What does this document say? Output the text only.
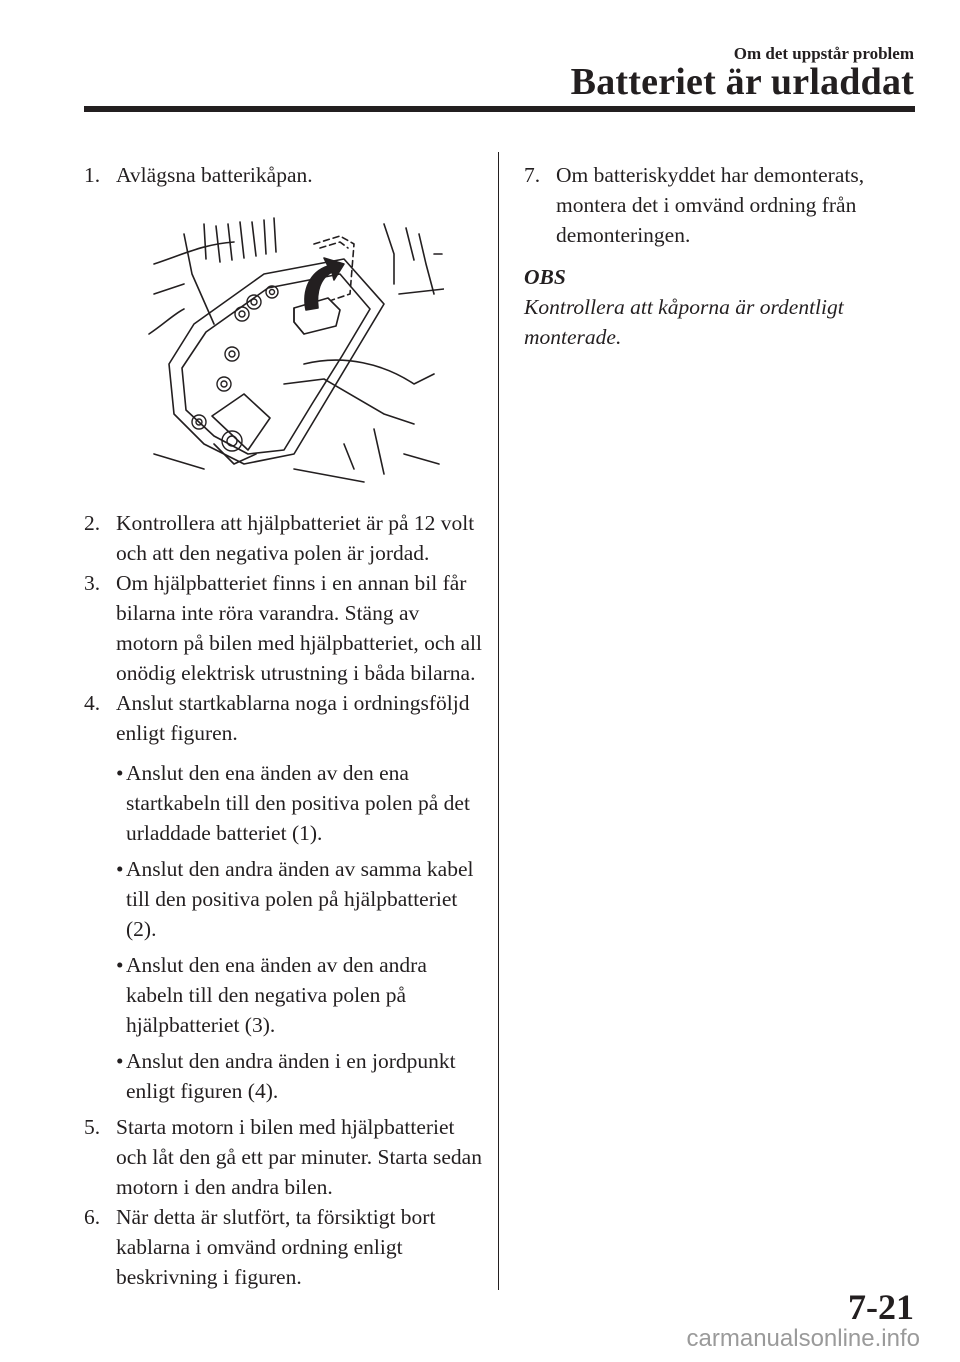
Om det uppstår problem
Batteriet är urladdat
1. Avlägsna batterikåpan.
2. Kontrollera att hjälpbatteriet är på 12 volt och att den negativa polen är jordad.
3. Om hjälpbatteriet finns i en annan bil får bilarna inte röra varandra. Stäng av motorn på bilen med hjälpbatteriet, och all onödig elektrisk utrustning i båda bilarna.
4. Anslut startkablarna noga i ordningsföljd enligt figuren.
• Anslut den ena änden av den ena startkabeln till den positiva polen på det urladdade batteriet (1).
• Anslut den andra änden av samma kabel till den positiva polen på hjälpbatteriet (2).
• Anslut den ena änden av den andra kabeln till den negativa polen på hjälpbatteriet (3).
• Anslut den andra änden i en jordpunkt enligt figuren (4).
5. Starta motorn i bilen med hjälpbatteriet och låt den gå ett par minuter. Starta sedan motorn i den andra bilen.
6. När detta är slutfört, ta försiktigt bort kablarna i omvänd ordning enligt beskrivning i figuren.
7. Om batteriskyddet har demonterats, montera det i omvänd ordning från demonteringen.
OBS
Kontrollera att kåporna är ordentligt monterade.
7-21
carmanualsonline.info
